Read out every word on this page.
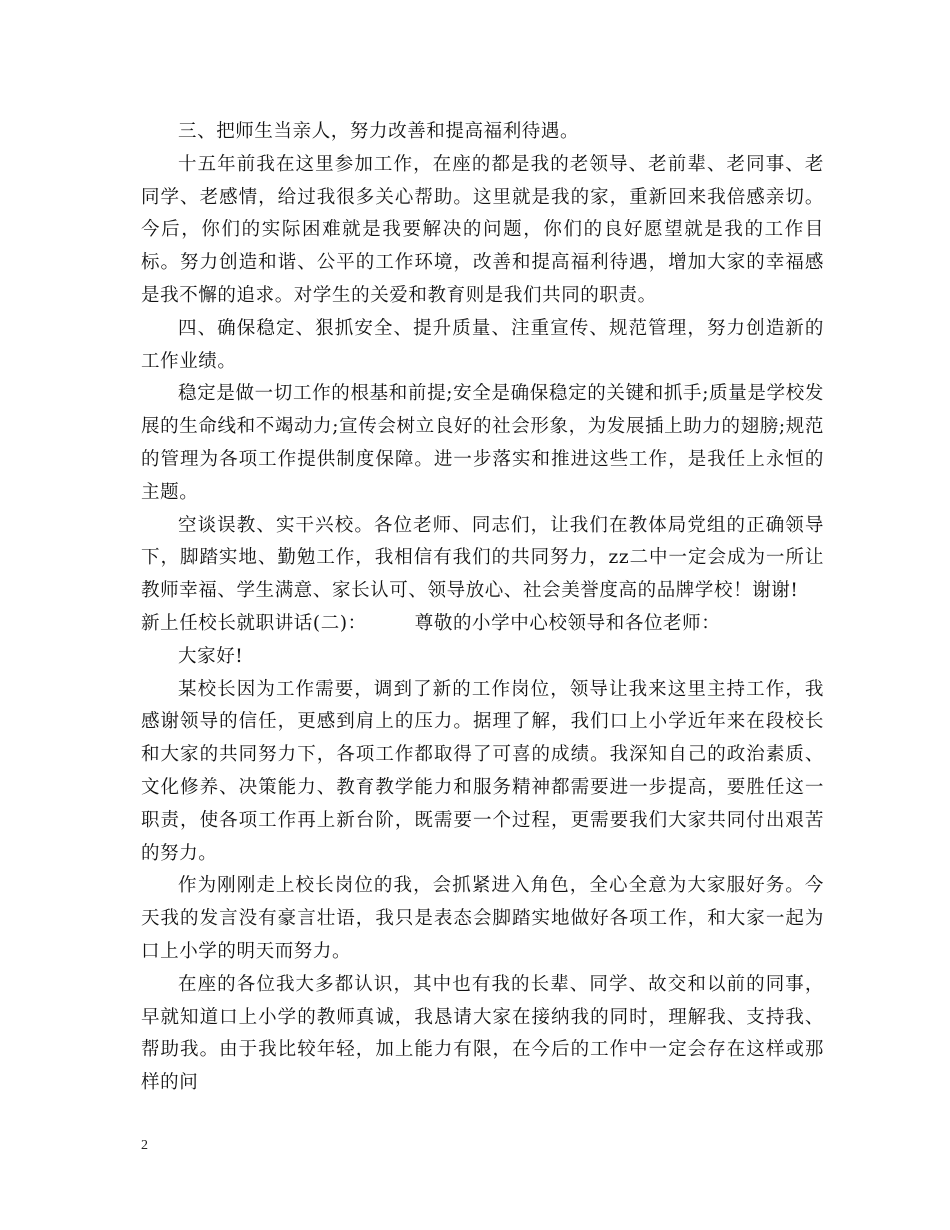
三、把师生当亲人，努力改善和提高福利待遇。

十五年前我在这里参加工作，在座的都是我的老领导、老前辈、老同事、老同学、老感情，给过我很多关心帮助。这里就是我的家，重新回来我倍感亲切。今后，你们的实际困难就是我要解决的问题，你们的良好愿望就是我的工作目标。努力创造和谐、公平的工作环境，改善和提高福利待遇，增加大家的幸福感是我不懈的追求。对学生的关爱和教育则是我们共同的职责。

四、确保稳定、狠抓安全、提升质量、注重宣传、规范管理，努力创造新的工作业绩。

稳定是做一切工作的根基和前提;安全是确保稳定的关键和抓手;质量是学校发展的生命线和不竭动力;宣传会树立良好的社会形象，为发展插上助力的翅膀;规范的管理为各项工作提供制度保障。进一步落实和推进这些工作，是我任上永恒的主题。

空谈误教、实干兴校。各位老师、同志们，让我们在教体局党组的正确领导下，脚踏实地、勤勉工作，我相信有我们的共同努力，zz二中一定会成为一所让教师幸福、学生满意、家长认可、领导放心、社会美誉度高的品牌学校！谢谢!

新上任校长就职讲话(二)：	尊敬的小学中心校领导和各位老师：

大家好!

某校长因为工作需要，调到了新的工作岗位，领导让我来这里主持工作，我感谢领导的信任，更感到肩上的压力。据理了解，我们口上小学近年来在段校长和大家的共同努力下，各项工作都取得了可喜的成绩。我深知自己的政治素质、文化修养、决策能力、教育教学能力和服务精神都需要进一步提高，要胜任这一职责，使各项工作再上新台阶，既需要一个过程，更需要我们大家共同付出艰苦的努力。

作为刚刚走上校长岗位的我，会抓紧进入角色，全心全意为大家服好务。今天我的发言没有豪言壮语，我只是表态会脚踏实地做好各项工作，和大家一起为口上小学的明天而努力。

在座的各位我大多都认识，其中也有我的长辈、同学、故交和以前的同事，早就知道口上小学的教师真诚，我恳请大家在接纳我的同时，理解我、支持我、帮助我。由于我比较年轻，加上能力有限，在今后的工作中一定会存在这样或那样的问

2
